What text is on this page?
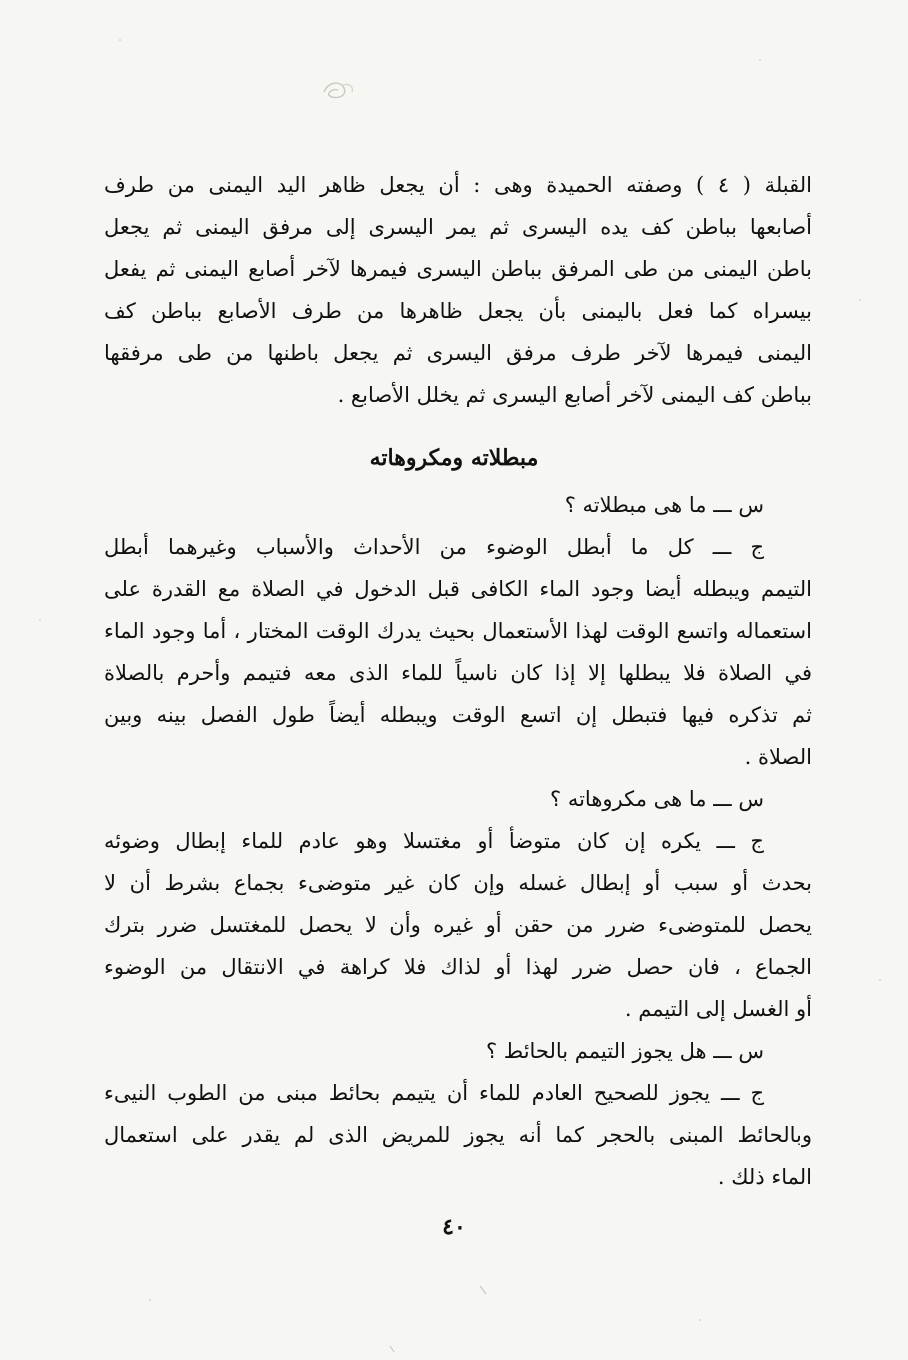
القبلة ( ٤ ) وصفته الحميدة وهى : أن يجعل ظاهر اليد اليمنى من طرف
أصابعها بباطن كف يده اليسرى ثم يمر اليسرى إلى مرفق اليمنى ثم يجعل
باطن اليمنى من طى المرفق بباطن اليسرى فيمرها لآخر أصابع اليمنى ثم يفعل
بيسراه كما فعل باليمنى بأن يجعل ظاهرها من طرف الأصابع بباطن كف
اليمنى فيمرها لآخر طرف مرفق اليسرى ثم يجعل باطنها من طى مرفقها
بباطن كف اليمنى لآخر أصابع اليسرى ثم يخلل الأصابع .
مبطلاته ومكروهاته
س ـــ ما هى مبطلاته ؟
ج ـــ كل ما أبطل الوضوء من الأحداث والأسباب وغيرهما أبطل
التيمم ويبطله أيضا وجود الماء الكافى قبل الدخول في الصلاة مع القدرة على
استعماله واتسع الوقت لهذا الأستعمال بحيث يدرك الوقت المختار ، أما وجود الماء
في الصلاة فلا يبطلها إلا إذا كان ناسياً للماء الذى معه فتيمم وأحرم بالصلاة
ثم تذكره فيها فتبطل إن اتسع الوقت ويبطله أيضاً طول الفصل بينه وبين
الصلاة .
س ـــ ما هى مكروهاته ؟
ج ـــ يكره إن كان متوضأ أو مغتسلا وهو عادم للماء إبطال وضوئه
بحدث أو سبب أو إبطال غسله وإن كان غير متوضىء بجماع بشرط أن لا
يحصل للمتوضىء ضرر من حقن أو غيره وأن لا يحصل للمغتسل ضرر بترك
الجماع ، فان حصل ضرر لهذا أو لذاك فلا كراهة في الانتقال من الوضوء
أو الغسل إلى التيمم .
س ـــ هل يجوز التيمم بالحائط ؟
ج ـــ يجوز للصحيح العادم للماء أن يتيمم بحائط مبنى من الطوب النيىء
وبالحائط المبنى بالحجر كما أنه يجوز للمريض الذى لم يقدر على استعمال
الماء ذلك .
٤٠
